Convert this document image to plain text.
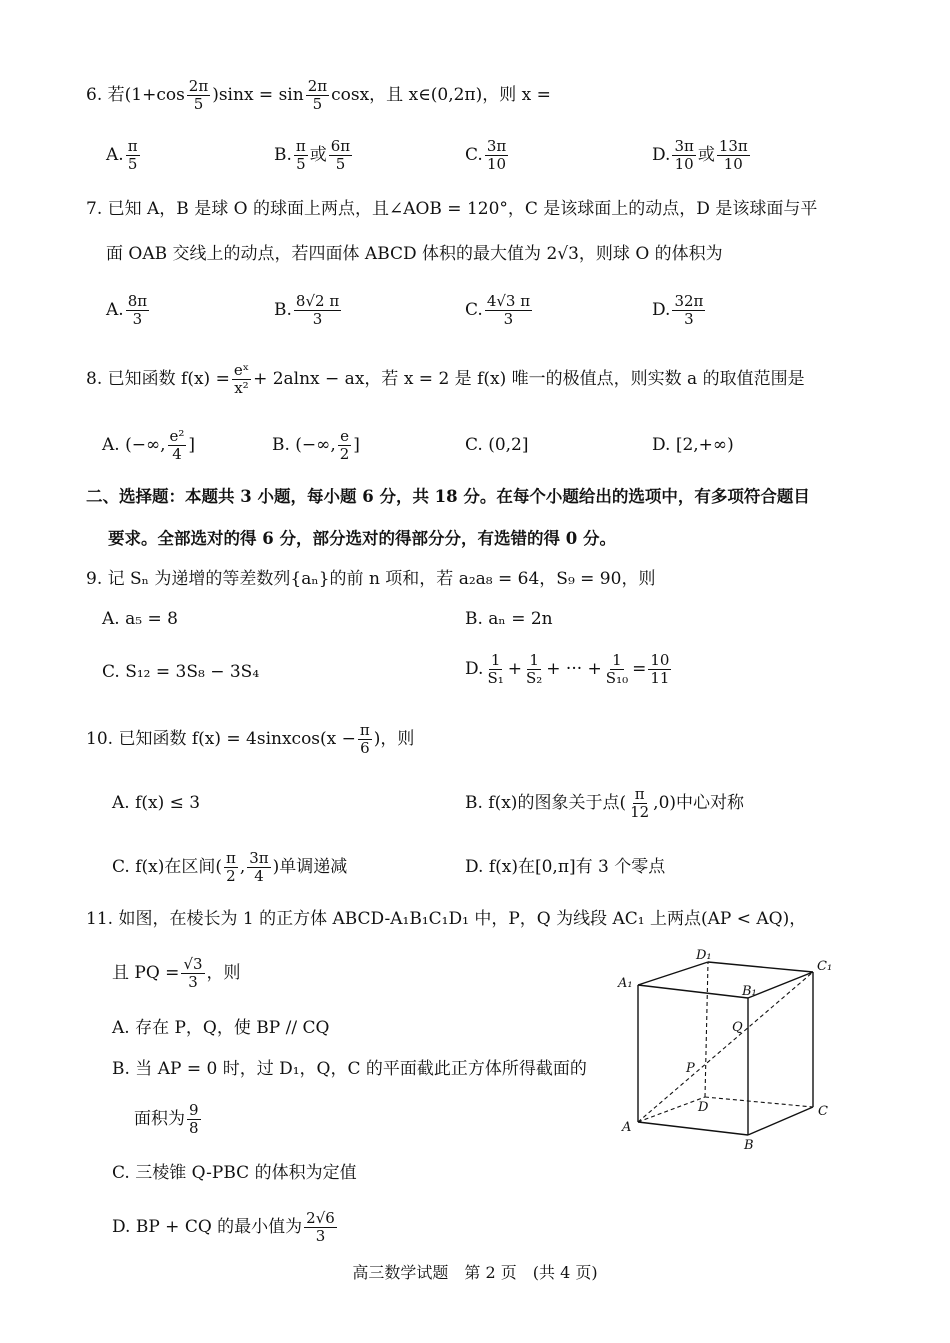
6. 若$(1+\cos \frac{2\pi}{5} )\sin x = \sin \frac{2\pi}{5}$ cosx，且 x∈(0,2π)，则 x =
A. $\frac{\pi}{5}$	B. $\frac{\pi}{5}$ 或 $\frac{6\pi}{5}$	C. $\frac{3\pi}{10}$	D. $\frac{3\pi}{10}$ 或 $\frac{13\pi}{10}$
7. 已知 A，B 是球 O 的球面上两点，且∠AOB = 120°，C 是该球面上的动点，D 是该球面与平
面 OAB 交线上的动点，若四面体 ABCD 体积的最大值为 2√3，则球 O 的体积为
A. $\frac{8\pi}{3}$	B. $\frac{8√2 \pi}{3}$	C. $\frac{4√3 \pi}{3}$	D. $\frac{32\pi}{3}$
8. 已知函数 $f(x) = \frac{\text{eˣ}}{\text{x²}} + 2alnx$ − ax，若 x = 2 是 f(x) 唯一的极值点，则实数 a 的取值范围是
A. (−∞, $\frac{\text{e²}}{4}$ ]	B. (−∞, $\frac{e}{2}$ ]	C. (0,2]	D. [2,+∞)
二、选择题：本题共 3 小题，每小题 6 分，共 18 分。在每个小题给出的选项中，有多项符合题目
要求。全部选对的得 6 分，部分选对的得部分分，有选错的得 0 分。
9. 记 Sₙ 为递增的等差数列{aₙ}的前 n 项和，若 a₂a₈ = 64，S₉ = 90，则
A. a₅ = 8	B. aₙ = 2n
C. S₁₂ = 3S₈ − 3S₄	D. $\frac{1}{\text{S₁}} + \frac{1}{\text{S₂}}$ + ··· + $\frac{1}{\text{S₁₀}} = \frac{10}{11}$
10. 已知函数 f(x) = 4sinxcos(x − $\frac{\pi}{6}$ )，则
A. f(x) ≤ 3	B. f(x)的图象关于点( $\frac{\pi}{12} ,0$)中心对称
C. f(x)在区间( $\frac{\pi}{2}$ , $\frac{3\pi}{4}$ )单调递减	D. f(x)在[0,π]有 3 个零点
11. 如图，在棱长为 1 的正方体 ABCD-A₁B₁C₁D₁ 中，P，Q 为线段 AC₁ 上两点(AP < AQ)，
且 PQ = $\frac{√3}{3}$ ，则
A. 存在 P，Q，使 BP // CQ
B. 当 AP = 0 时，过 D₁，Q，C 的平面截此正方体所得截面的
面积为 $\frac{9}{8}$
C. 三棱锥 Q-PBC 的体积为定值
D. BP + CQ 的最小值为 $\frac{2√6}{3}$
A₁
D₁
C₁
B₁
Q
P
D	C
A
B
高三数学试题　第 2 页　(共 4 页)
